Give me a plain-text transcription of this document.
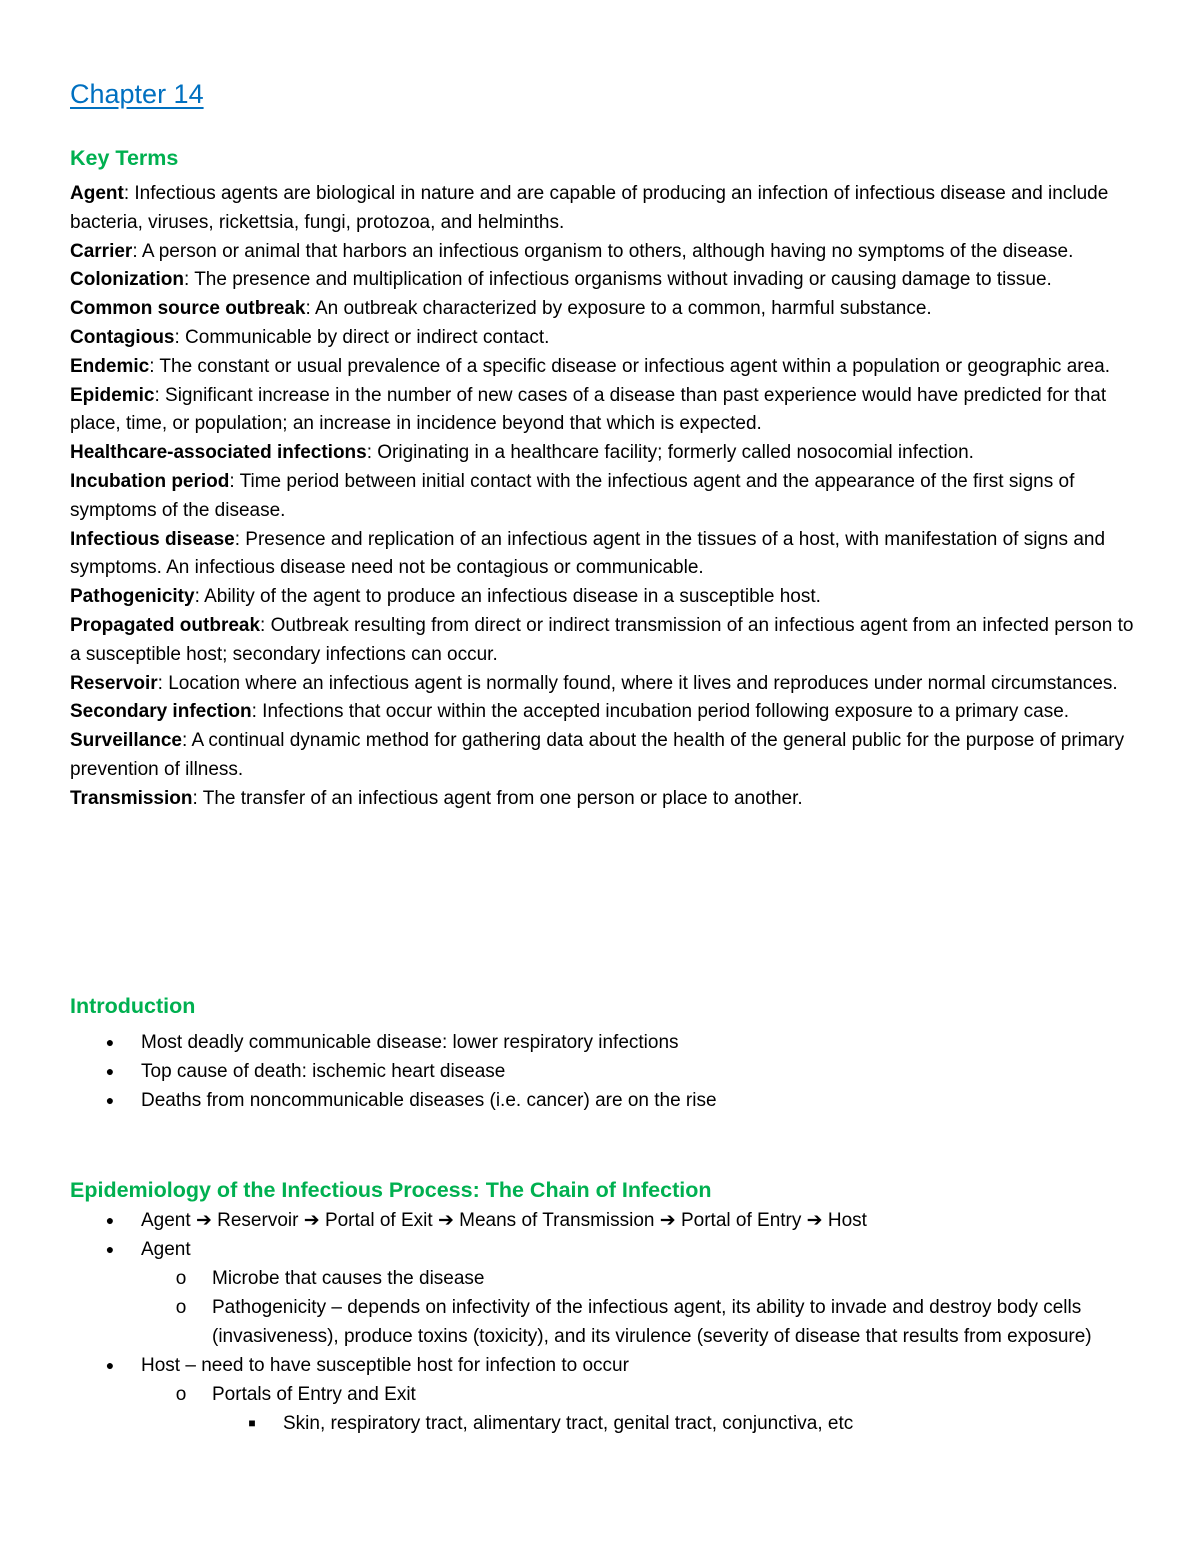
Chapter 14
Key Terms
Agent: Infectious agents are biological in nature and are capable of producing an infection of infectious disease and include bacteria, viruses, rickettsia, fungi, protozoa, and helminths.
Carrier: A person or animal that harbors an infectious organism to others, although having no symptoms of the disease.
Colonization: The presence and multiplication of infectious organisms without invading or causing damage to tissue.
Common source outbreak: An outbreak characterized by exposure to a common, harmful substance.
Contagious: Communicable by direct or indirect contact.
Endemic: The constant or usual prevalence of a specific disease or infectious agent within a population or geographic area.
Epidemic: Significant increase in the number of new cases of a disease than past experience would have predicted for that place, time, or population; an increase in incidence beyond that which is expected.
Healthcare-associated infections: Originating in a healthcare facility; formerly called nosocomial infection.
Incubation period: Time period between initial contact with the infectious agent and the appearance of the first signs of symptoms of the disease.
Infectious disease: Presence and replication of an infectious agent in the tissues of a host, with manifestation of signs and symptoms. An infectious disease need not be contagious or communicable.
Pathogenicity: Ability of the agent to produce an infectious disease in a susceptible host.
Propagated outbreak: Outbreak resulting from direct or indirect transmission of an infectious agent from an infected person to a susceptible host; secondary infections can occur.
Reservoir: Location where an infectious agent is normally found, where it lives and reproduces under normal circumstances.
Secondary infection: Infections that occur within the accepted incubation period following exposure to a primary case.
Surveillance: A continual dynamic method for gathering data about the health of the general public for the purpose of primary prevention of illness.
Transmission: The transfer of an infectious agent from one person or place to another.
Introduction
●	Most deadly communicable disease: lower respiratory infections
●	Top cause of death: ischemic heart disease
●	Deaths from noncommunicable diseases (i.e. cancer) are on the rise
Epidemiology of the Infectious Process: The Chain of Infection
●	Agent ➔ Reservoir ➔ Portal of Exit ➔ Means of Transmission ➔ Portal of Entry ➔ Host
●	Agent
o Microbe that causes the disease
o Pathogenicity – depends on infectivity of the infectious agent, its ability to invade and destroy body cells (invasiveness), produce toxins (toxicity), and its virulence (severity of disease that results from exposure)
●	Host – need to have susceptible host for infection to occur
o Portals of Entry and Exit
■	Skin, respiratory tract, alimentary tract, genital tract, conjunctiva, etc
